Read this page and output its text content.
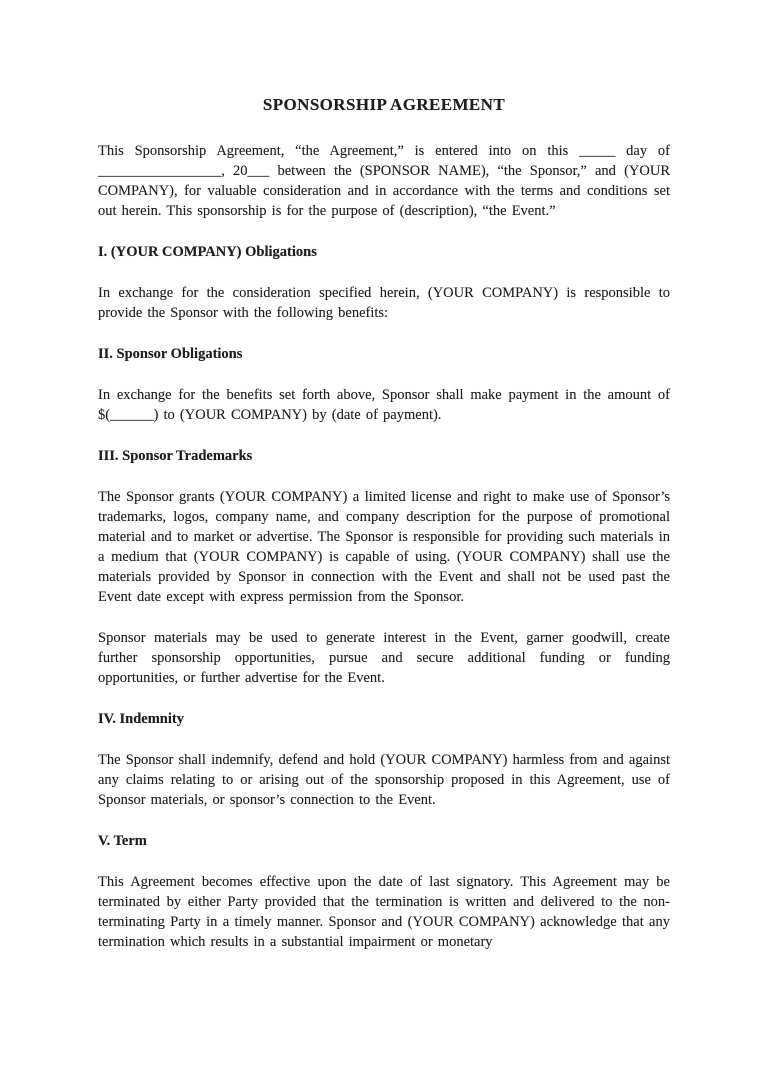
SPONSORSHIP AGREEMENT

This Sponsorship Agreement, “the Agreement,” is entered into on this _____ day of _________________, 20___ between the (SPONSOR NAME), “the Sponsor,” and (YOUR COMPANY), for valuable consideration and in accordance with the terms and conditions set out herein. This sponsorship is for the purpose of (description), “the Event.”

I. (YOUR COMPANY) Obligations

In exchange for the consideration specified herein, (YOUR COMPANY) is responsible to provide the Sponsor with the following benefits:

II. Sponsor Obligations

In exchange for the benefits set forth above, Sponsor shall make payment in the amount of $(______) to (YOUR COMPANY) by (date of payment).

III. Sponsor Trademarks

The Sponsor grants (YOUR COMPANY) a limited license and right to make use of Sponsor’s trademarks, logos, company name, and company description for the purpose of promotional material and to market or advertise. The Sponsor is responsible for providing such materials in a medium that (YOUR COMPANY) is capable of using. (YOUR COMPANY) shall use the materials provided by Sponsor in connection with the Event and shall not be used past the Event date except with express permission from the Sponsor.

Sponsor materials may be used to generate interest in the Event, garner goodwill, create further sponsorship opportunities, pursue and secure additional funding or funding opportunities, or further advertise for the Event.

IV. Indemnity

The Sponsor shall indemnify, defend and hold (YOUR COMPANY) harmless from and against any claims relating to or arising out of the sponsorship proposed in this Agreement, use of Sponsor materials, or sponsor’s connection to the Event.

V. Term

This Agreement becomes effective upon the date of last signatory. This Agreement may be terminated by either Party provided that the termination is written and delivered to the non-terminating Party in a timely manner. Sponsor and (YOUR COMPANY) acknowledge that any termination which results in a substantial impairment or monetary
